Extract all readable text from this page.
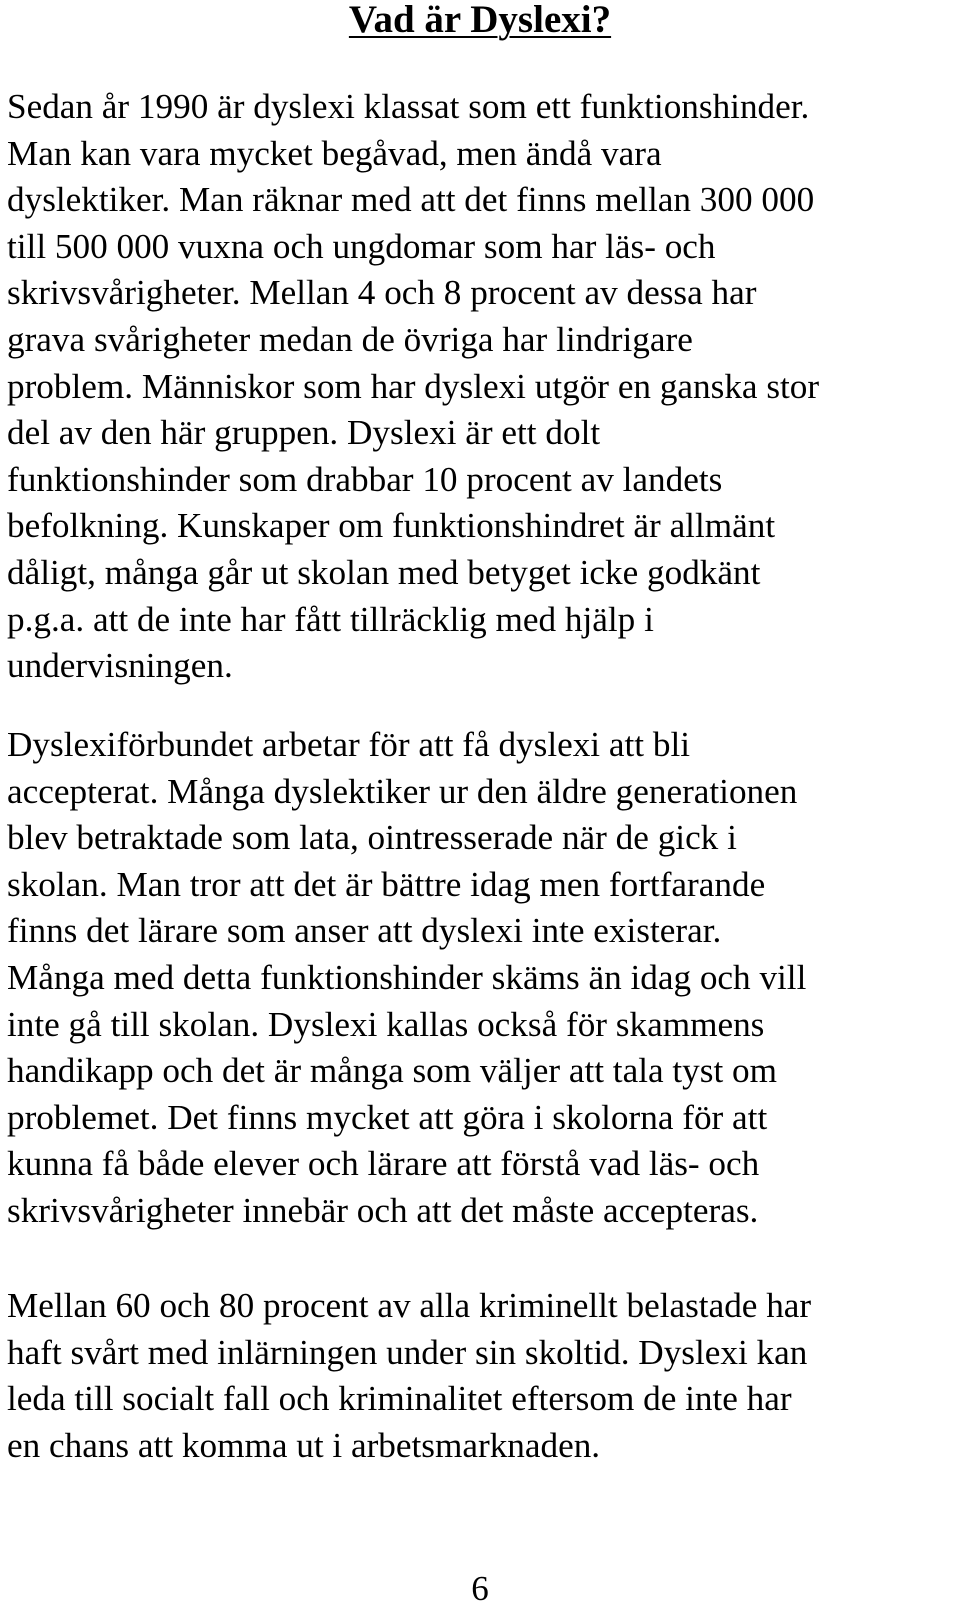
Vad är Dyslexi?

Sedan år 1990 är dyslexi klassat som ett funktionshinder.
Man kan vara mycket begåvad, men ändå vara
dyslektiker. Man räknar med att det finns mellan 300 000
till 500 000 vuxna och ungdomar som har läs- och
skrivsvårigheter. Mellan 4 och 8 procent av dessa har
grava svårigheter medan de övriga har lindrigare
problem. Människor som har dyslexi utgör en ganska stor
del av den här gruppen. Dyslexi är ett dolt
funktionshinder som drabbar 10 procent av landets
befolkning. Kunskaper om funktionshindret är allmänt
dåligt, många går ut skolan med betyget icke godkänt
p.g.a. att de inte har fått tillräcklig med hjälp i
undervisningen.

Dyslexiförbundet arbetar för att få dyslexi att bli
accepterat. Många dyslektiker ur den äldre generationen
blev betraktade som lata, ointresserade när de gick i
skolan. Man tror att det är bättre idag men fortfarande
finns det lärare som anser att dyslexi inte existerar.
Många med detta funktionshinder skäms än idag och vill
inte gå till skolan. Dyslexi kallas också för skammens
handikapp och det är många som väljer att tala tyst om
problemet. Det finns mycket att göra i skolorna för att
kunna få både elever och lärare att förstå vad läs- och
skrivsvårigheter innebär och att det måste accepteras.

Mellan 60 och 80 procent av alla kriminellt belastade har
haft svårt med inlärningen under sin skoltid. Dyslexi kan
leda till socialt fall och kriminalitet eftersom de inte har
en chans att komma ut i arbetsmarknaden.

6
